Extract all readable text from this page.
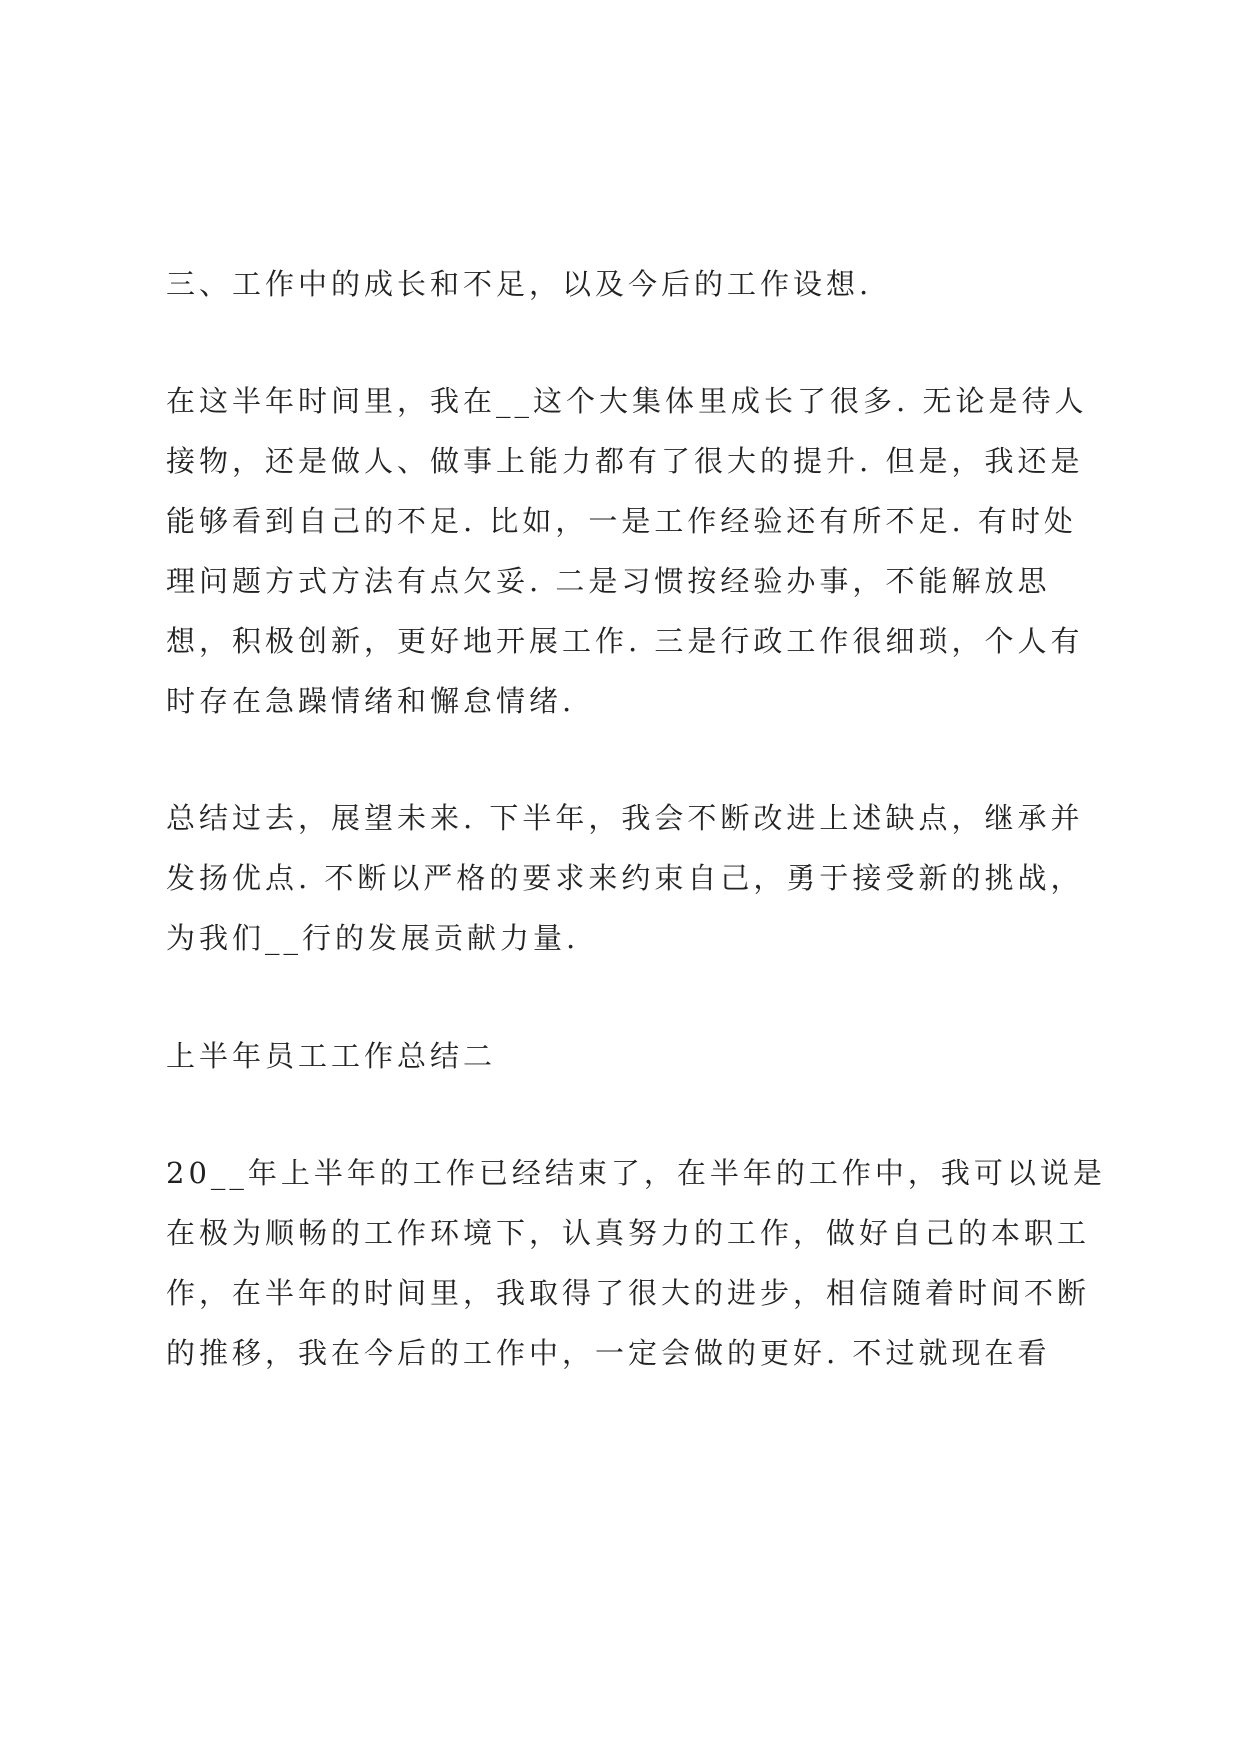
三、工作中的成长和不足，以及今后的工作设想.

在这半年时间里，我在__这个大集体里成长了很多. 无论是待人

接物，还是做人、做事上能力都有了很大的提升. 但是，我还是

能够看到自己的不足. 比如，一是工作经验还有所不足. 有时处

理问题方式方法有点欠妥. 二是习惯按经验办事，不能解放思

想，积极创新，更好地开展工作. 三是行政工作很细琐，个人有

时存在急躁情绪和懈怠情绪.

总结过去，展望未来. 下半年，我会不断改进上述缺点，继承并

发扬优点. 不断以严格的要求来约束自己，勇于接受新的挑战，

为我们__行的发展贡献力量.

上半年员工工作总结二

20__年上半年的工作已经结束了，在半年的工作中，我可以说是

在极为顺畅的工作环境下，认真努力的工作，做好自己的本职工

作，在半年的时间里，我取得了很大的进步，相信随着时间不断

的推移，我在今后的工作中，一定会做的更好. 不过就现在看
